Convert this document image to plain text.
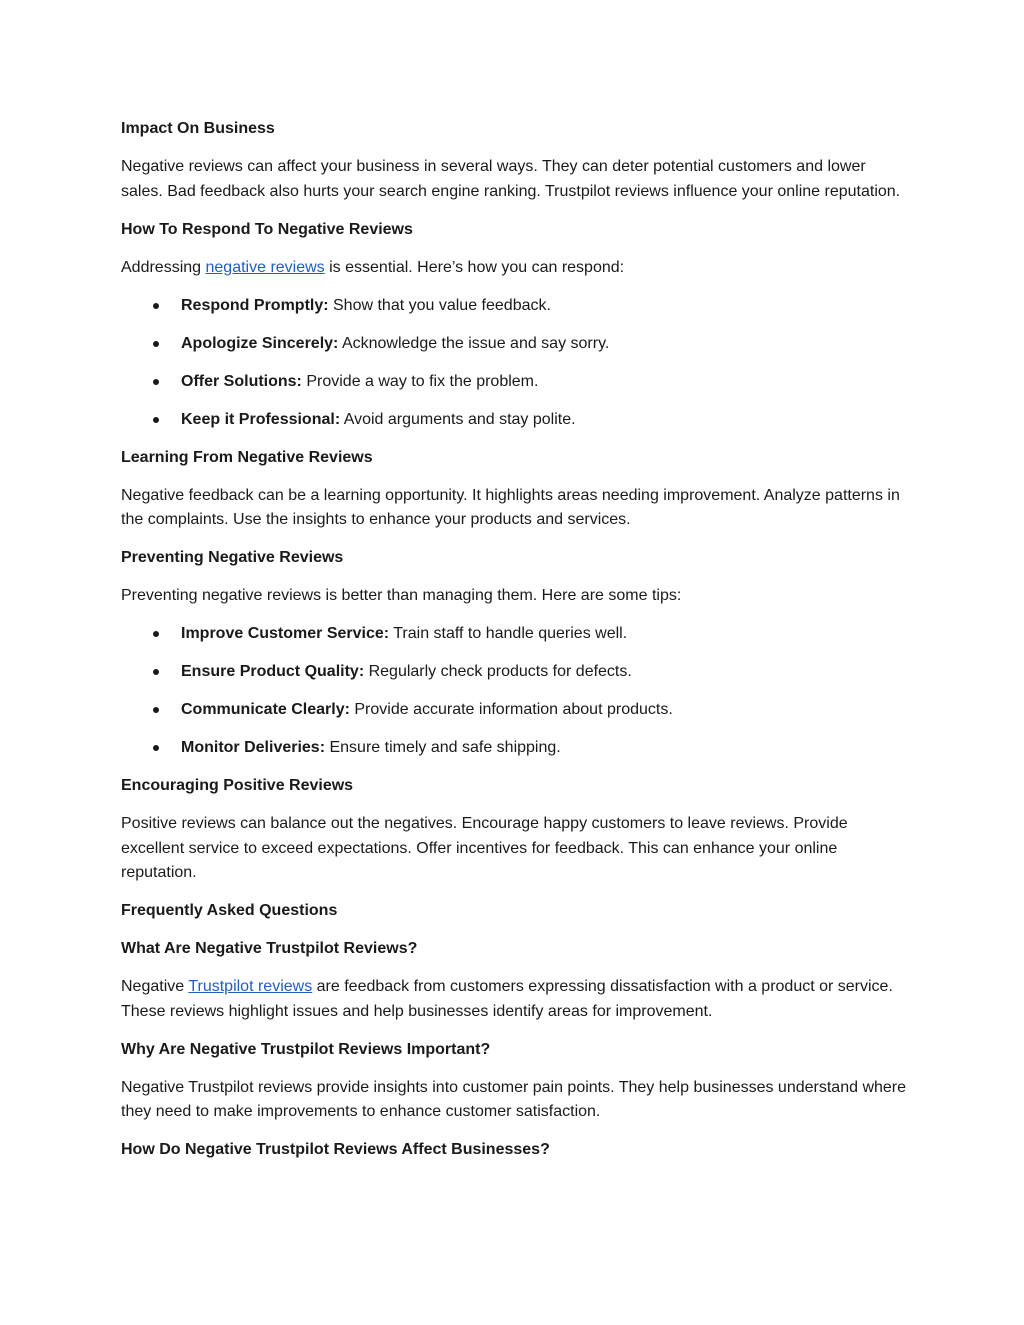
Impact On Business

Negative reviews can affect your business in several ways. They can deter potential customers and lower sales. Bad feedback also hurts your search engine ranking. Trustpilot reviews influence your online reputation.

How To Respond To Negative Reviews

Addressing negative reviews is essential. Here’s how you can respond:

Respond Promptly: Show that you value feedback.
Apologize Sincerely: Acknowledge the issue and say sorry.
Offer Solutions: Provide a way to fix the problem.
Keep it Professional: Avoid arguments and stay polite.
Learning From Negative Reviews

Negative feedback can be a learning opportunity. It highlights areas needing improvement. Analyze patterns in the complaints. Use the insights to enhance your products and services.

Preventing Negative Reviews

Preventing negative reviews is better than managing them. Here are some tips:

Improve Customer Service: Train staff to handle queries well.
Ensure Product Quality: Regularly check products for defects.
Communicate Clearly: Provide accurate information about products.
Monitor Deliveries: Ensure timely and safe shipping.
Encouraging Positive Reviews

Positive reviews can balance out the negatives. Encourage happy customers to leave reviews. Provide excellent service to exceed expectations. Offer incentives for feedback. This can enhance your online reputation.

Frequently Asked Questions
What Are Negative Trustpilot Reviews?

Negative Trustpilot reviews are feedback from customers expressing dissatisfaction with a product or service. These reviews highlight issues and help businesses identify areas for improvement.

Why Are Negative Trustpilot Reviews Important?

Negative Trustpilot reviews provide insights into customer pain points. They help businesses understand where they need to make improvements to enhance customer satisfaction.

How Do Negative Trustpilot Reviews Affect Businesses?
